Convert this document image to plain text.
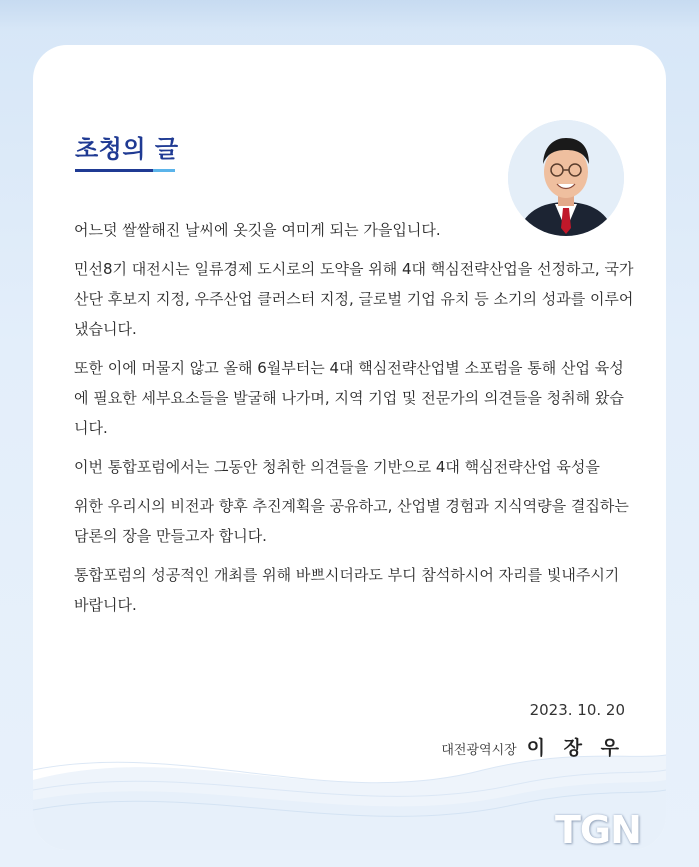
초청의 글

어느덧 쌀쌀해진 날씨에 옷깃을 여미게 되는 가을입니다.

민선8기 대전시는 일류경제 도시로의 도약을 위해 4대 핵심전략산업을 선정하고, 국가산단 후보지 지정, 우주산업 클러스터 지정, 글로벌 기업 유치 등 소기의 성과를 이루어 냈습니다.

또한 이에 머물지 않고 올해 6월부터는 4대 핵심전략산업별 소포럼을 통해 산업 육성에 필요한 세부요소들을 발굴해 나가며, 지역 기업 및 전문가의 의견들을 청취해 왔습니다.

이번 통합포럼에서는 그동안 청취한 의견들을 기반으로 4대 핵심전략산업 육성을

위한 우리시의 비전과 향후 추진계획을 공유하고, 산업별 경험과 지식역량을 결집하는 담론의 장을 만들고자 합니다.

통합포럼의 성공적인 개최를 위해 바쁘시더라도 부디 참석하시어 자리를 빛내주시기 바랍니다.

2023. 10. 20
대전광역시장 이 장 우
TGN
